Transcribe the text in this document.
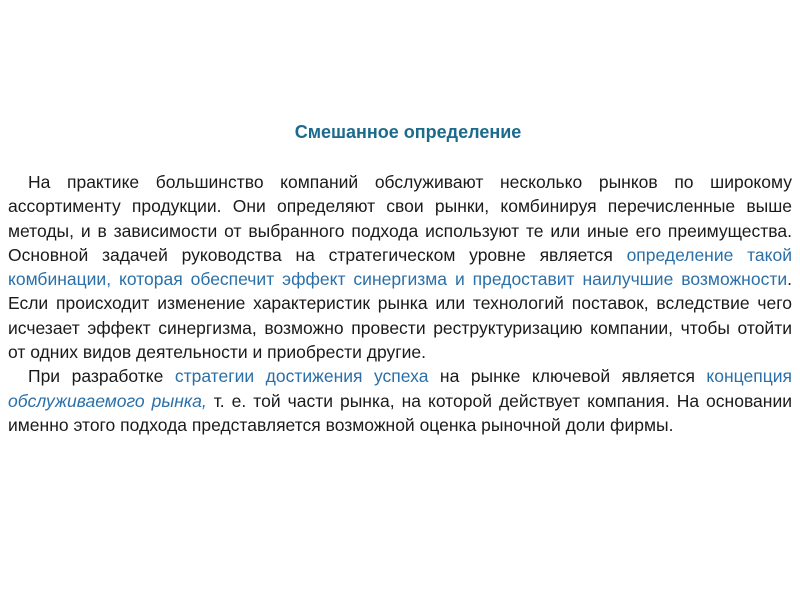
Смешанное определение

На практике большинство компаний обслуживают несколько рынков по широкому ассортименту продукции. Они определяют свои рынки, комбинируя перечисленные выше методы, и в зависимости от выбранного подхода используют те или иные его преимущества. Основной задачей руководства на стратегическом уровне является определение такой комбинации, которая обеспечит эффект синергизма и предоставит наилучшие возможности. Если происходит изменение характеристик рынка или технологий поставок, вследствие чего исчезает эффект синергизма, возможно провести реструктуризацию компании, чтобы отойти от одних видов деятельности и приобрести другие.

При разработке стратегии достижения успеха на рынке ключевой является концепция обслуживаемого рынка, т. е. той части рынка, на которой действует компания. На основании именно этого подхода представляется возможной оценка рыночной доли фирмы.
